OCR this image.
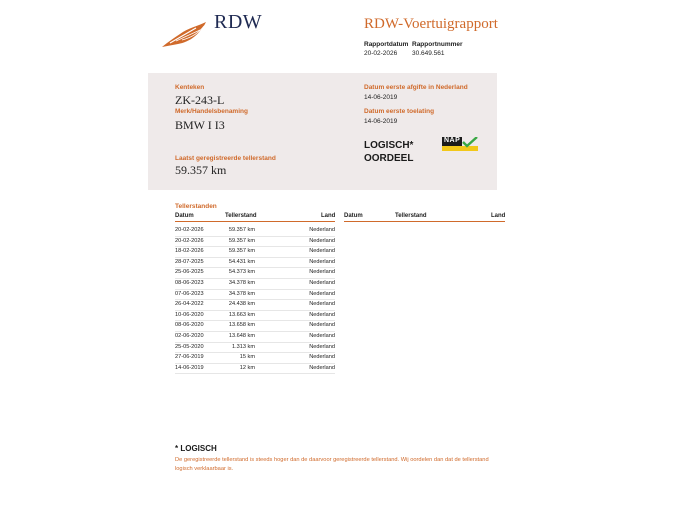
RDW	RDW-Voertuigrapport
Rapportdatum
20-02-2026
Rapportnummer
30.649.561
Kenteken
ZK-243-L
Merk/Handelsbenaming
BMW I I3
Laatst geregistreerde tellerstand
59.357 km
Datum eerste afgifte in Nederland
14-06-2019
Datum eerste toelating
14-06-2019
LOGISCH*
OORDEEL
NAP
Tellerstanden
Datum	Tellerstand	Land Datum	Tellerstand	Land
20-02-2026	59.357 km	Nederland
20-02-2026	59.357 km	Nederland
18-02-2026	59.357 km	Nederland
28-07-2025	54.431 km	Nederland
25-06-2025	54.373 km	Nederland
08-06-2023	34.378 km	Nederland
07-06-2023	34.378 km	Nederland
26-04-2022	24.438 km	Nederland
10-06-2020	13.663 km	Nederland
08-06-2020	13.658 km	Nederland
02-06-2020	13.648 km	Nederland
25-05-2020	1.313 km	Nederland
27-06-2019	15 km	Nederland
14-06-2019	12 km	Nederland
* LOGISCH
De geregistreerde tellerstand is steeds hoger dan de daarvoor geregistreerde tellerstand. Wij oordelen dan dat de tellerstand logisch verklaarbaar is.
